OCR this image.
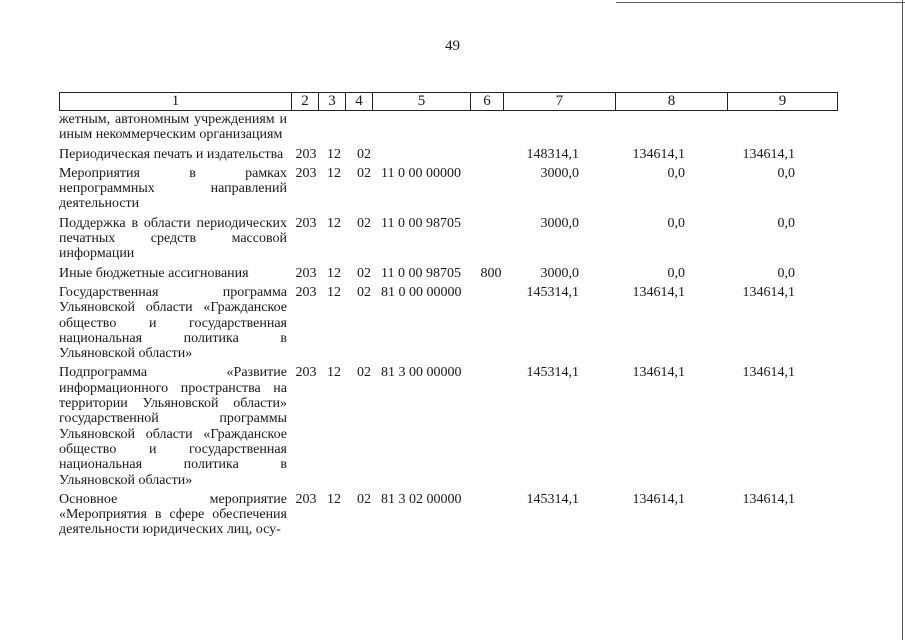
49
1	2	3	4	5	6	7	8	9
жетным, автономным учреждениям и иным некоммерческим организациям								
Периодическая печать и издательства	203	12	02			148314,1	134614,1	134614,1
Мероприятия в рамках непрограммных направлений деятельности	203	12	02	11 0 00 00000		3000,0	0,0	0,0
Поддержка в области периодических печатных средств массовой информации	203	12	02	11 0 00 98705		3000,0	0,0	0,0
Иные бюджетные ассигнования	203	12	02	11 0 00 98705	800	3000,0	0,0	0,0
Государственная программа Ульяновской области «Гражданское общество и государственная национальная политика в Ульяновской области»	203	12	02	81 0 00 00000		145314,1	134614,1	134614,1
Подпрограмма «Развитие информационного пространства на территории Ульяновской области» государственной программы Ульяновской области «Гражданское общество и государственная национальная политика в Ульяновской области»	203	12	02	81 3 00 00000		145314,1	134614,1	134614,1
Основное мероприятие «Мероприятия в сфере обеспечения деятельности юридических лиц, осу-	203	12	02	81 3 02 00000		145314,1	134614,1	134614,1
